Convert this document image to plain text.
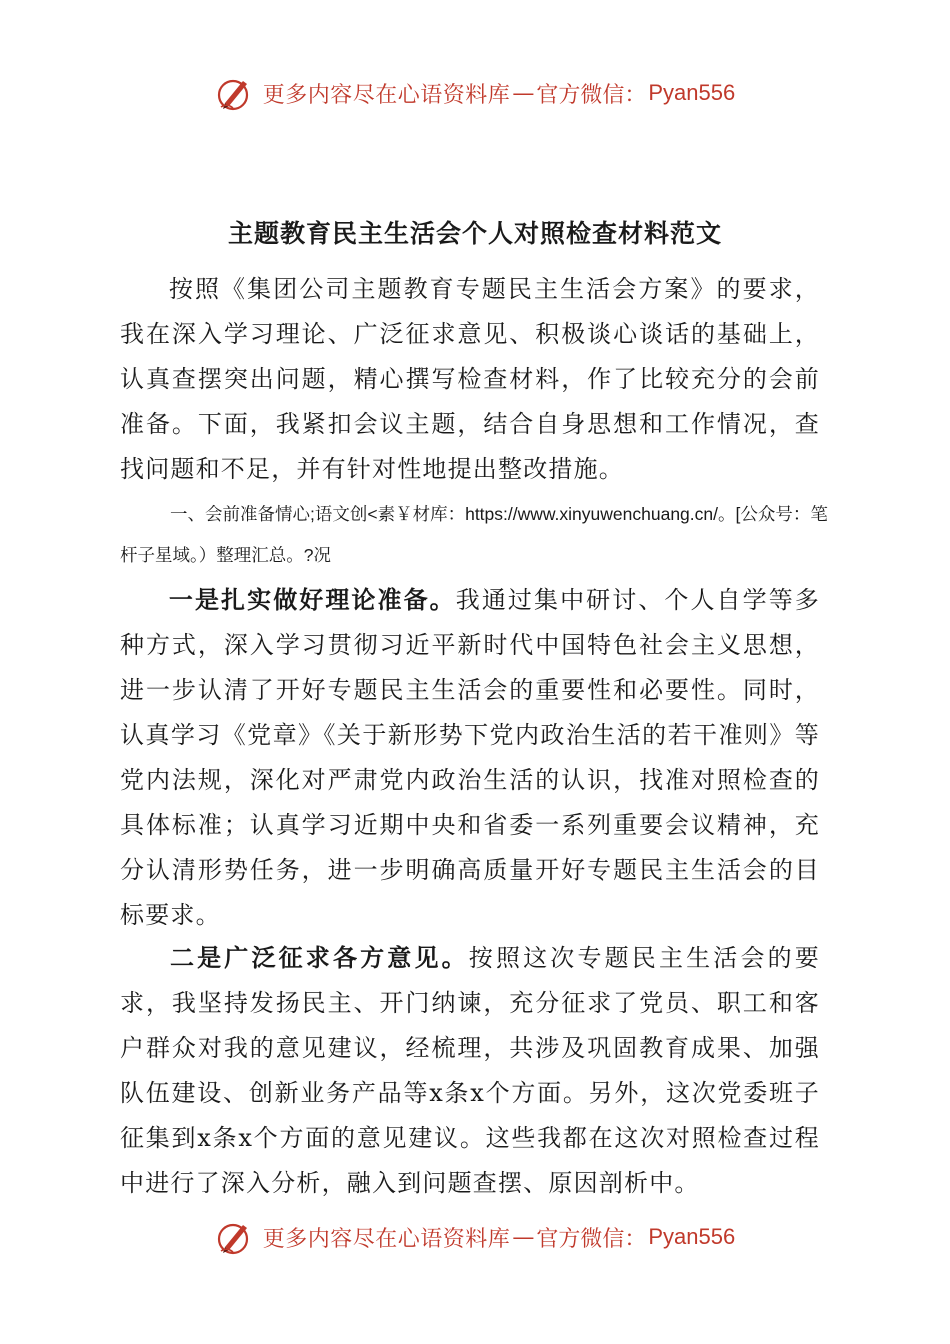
更多内容尽在心语资料库 — 官方微信： Pyan556
主题教育民主生活会个人对照检查材料范文
按照《集团公司主题教育专题民主生活会方案》的要求，我在深入学习理论、广泛征求意见、积极谈心谈话的基础上，认真查摆突出问题，精心撰写检查材料，作了比较充分的会前准备。下面，我紧扣会议主题，结合自身思想和工作情况，查找问题和不足，并有针对性地提出整改措施。
一、会前准备情心;语文创<素￥材库：https://www.xinyuwenchuang.cn/。[公众号：笔杆子星域。）整理汇总。?况
一是扎实做好理论准备。我通过集中研讨、个人自学等多种方式，深入学习贯彻习近平新时代中国特色社会主义思想，进一步认清了开好专题民主生活会的重要性和必要性。同时，认真学习《党章》《关于新形势下党内政治生活的若干准则》等党内法规，深化对严肃党内政治生活的认识，找准对照检查的具体标准；认真学习近期中央和省委一系列重要会议精神，充分认清形势任务，进一步明确高质量开好专题民主生活会的目标要求。
二是广泛征求各方意见。按照这次专题民主生活会的要求，我坚持发扬民主、开门纳谏，充分征求了党员、职工和客户群众对我的意见建议，经梳理，共涉及巩固教育成果、加强队伍建设、创新业务产品等x条x个方面。另外，这次党委班子征集到x条x个方面的意见建议。这些我都在这次对照检查过程中进行了深入分析，融入到问题查摆、原因剖析中。
更多内容尽在心语资料库 — 官方微信： Pyan556
